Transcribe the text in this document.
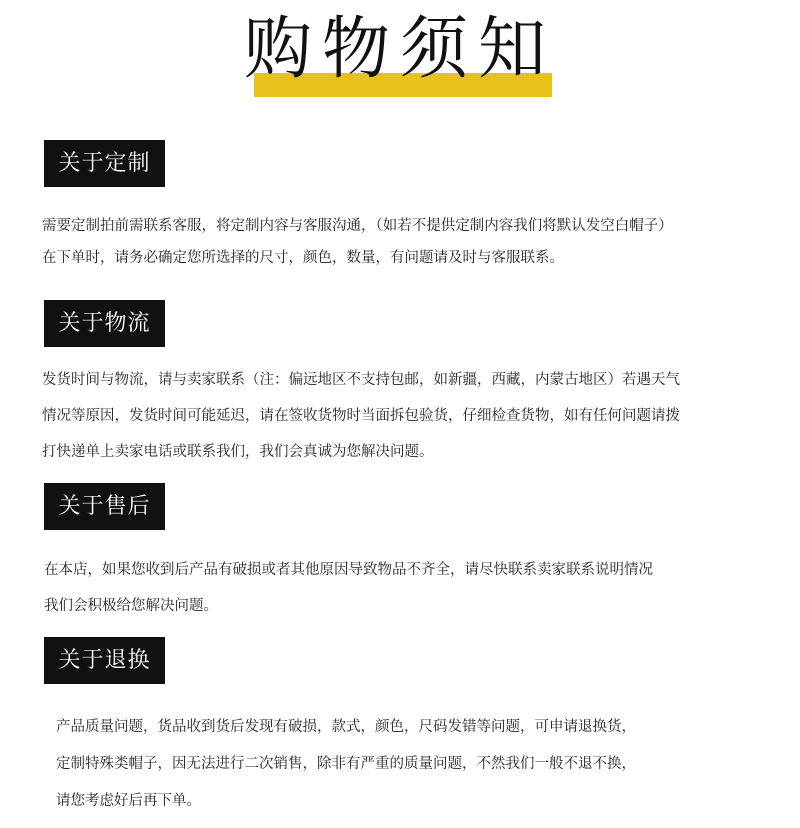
购物须知
关于定制
需要定制拍前需联系客服，将定制内容与客服沟通，（如若不提供定制内容我们将默认发空白帽子）
在下单时，请务必确定您所选择的尺寸，颜色，数量，有问题请及时与客服联系。
关于物流
发货时间与物流，请与卖家联系（注：偏远地区不支持包邮，如新疆，西藏，内蒙古地区）若遇天气
情况等原因，发货时间可能延迟，请在签收货物时当面拆包验货，仔细检查货物，如有任何问题请拨
打快递单上卖家电话或联系我们，我们会真诚为您解决问题。
关于售后
在本店，如果您收到后产品有破损或者其他原因导致物品不齐全，请尽快联系卖家联系说明情况
我们会积极给您解决问题。
关于退换
产品质量问题，货品收到货后发现有破损，款式，颜色，尺码发错等问题，可申请退换货，
定制特殊类帽子，因无法进行二次销售，除非有严重的质量问题，不然我们一般不退不换，
请您考虑好后再下单。
